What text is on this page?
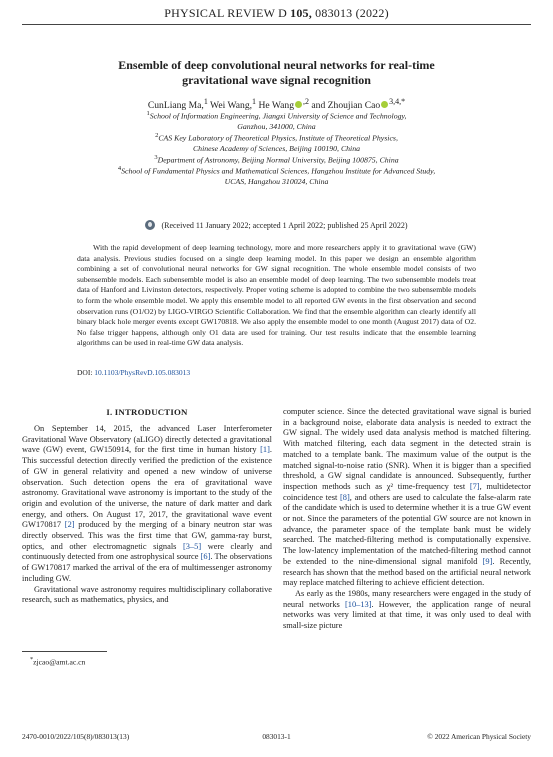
PHYSICAL REVIEW D 105, 083013 (2022)
Ensemble of deep convolutional neural networks for real-time
gravitational wave signal recognition
CunLiang Ma,$^1$ Wei Wang,$^1$ He Wang $^{,2}$ and Zhoujian Cao $^{3,4,*}$
$^1$School of Information Engineering, Jiangxi University of Science and Technology,
Ganzhou, 341000, China
$^2$CAS Key Laboratory of Theoretical Physics, Institute of Theoretical Physics,
Chinese Academy of Sciences, Beijing 100190, China
$^3$Department of Astronomy, Beijing Normal University, Beijing 100875, China
$^4$School of Fundamental Physics and Mathematical Sciences, Hangzhou Institute for Advanced Study,
UCAS, Hangzhou 310024, China
(Received 11 January 2022; accepted 1 April 2022; published 25 April 2022)
With the rapid development of deep learning technology, more and more researchers apply it to gravitational wave (GW) data analysis. Previous studies focused on a single deep learning model. In this paper we design an ensemble algorithm combining a set of convolutional neural networks for GW signal recognition. The whole ensemble model consists of two subensemble models. Each subensemble model is also an ensemble model of deep learning. The two subensemble models treat data of Hanford and Livinston detectors, respectively. Proper voting scheme is adopted to combine the two subensemble models to form the whole ensemble model. We apply this ensemble model to all reported GW events in the first observation and second observation runs (O1/O2) by LIGO-VIRGO Scientific Collaboration. We find that the ensemble algorithm can clearly identify all binary black hole merger events except GW170818. We also apply the ensemble model to one month (August 2017) data of O2. No false trigger happens, although only O1 data are used for training. Our test results indicate that the ensemble learning algorithms can be used in real-time GW data analysis.
DOI: 10.1103/PhysRevD.105.083013
I. INTRODUCTION

On September 14, 2015, the advanced Laser Interferometer Gravitational Wave Observatory (aLIGO) directly detected a gravitational wave (GW) event, GW150914, for the first time in human history [1]. This successful detection directly verified the prediction of the existence of GW in general relativity and opened a new window of universe observation. Such detection opens the era of gravitational wave astronomy. Gravitational wave astronomy is important to the study of the origin and evolution of the universe, the nature of dark matter and dark energy, and others. On August 17, 2017, the gravitational wave event GW170817 [2] produced by the merging of a binary neutron star was directly observed. This was the first time that GW, gamma-ray burst, optics, and other electromagnetic signals [3–5] were clearly and continuously detected from one astrophysical source [6]. The observations of GW170817 marked the arrival of the era of multimessenger astronomy including GW.

Gravitational wave astronomy requires multidisciplinary collaborative research, such as mathematics, physics, and

computer science. Since the detected gravitational wave signal is buried in a background noise, elaborate data analysis is needed to extract the GW signal. The widely used data analysis method is matched filtering. With matched filtering, each data segment in the detected strain is matched to a template bank. The maximum value of the output is the matched signal-to-noise ratio (SNR). When it is bigger than a specified threshold, a GW signal candidate is announced. Subsequently, further inspection methods such as χ² time-frequency test [7], multidetector coincidence test [8], and others are used to calculate the false-alarm rate of the candidate which is used to determine whether it is a true GW event or not. Since the parameters of the potential GW source are not known in advance, the parameter space of the template bank must be widely searched. The matched-filtering method is computationally expensive. The low-latency implementation of the matched-filtering method cannot be extended to the nine-dimensional signal manifold [9]. Recently, research has shown that the method based on the artificial neural network may replace matched filtering to achieve efficient detection.

As early as the 1980s, many researchers were engaged in the study of neural networks [10–13]. However, the application range of neural networks was very limited at that time, it was only used to deal with small-size picture

*zjcao@amt.ac.cn
2470-0010/2022/105(8)/083013(13)	083013-1	© 2022 American Physical Society
